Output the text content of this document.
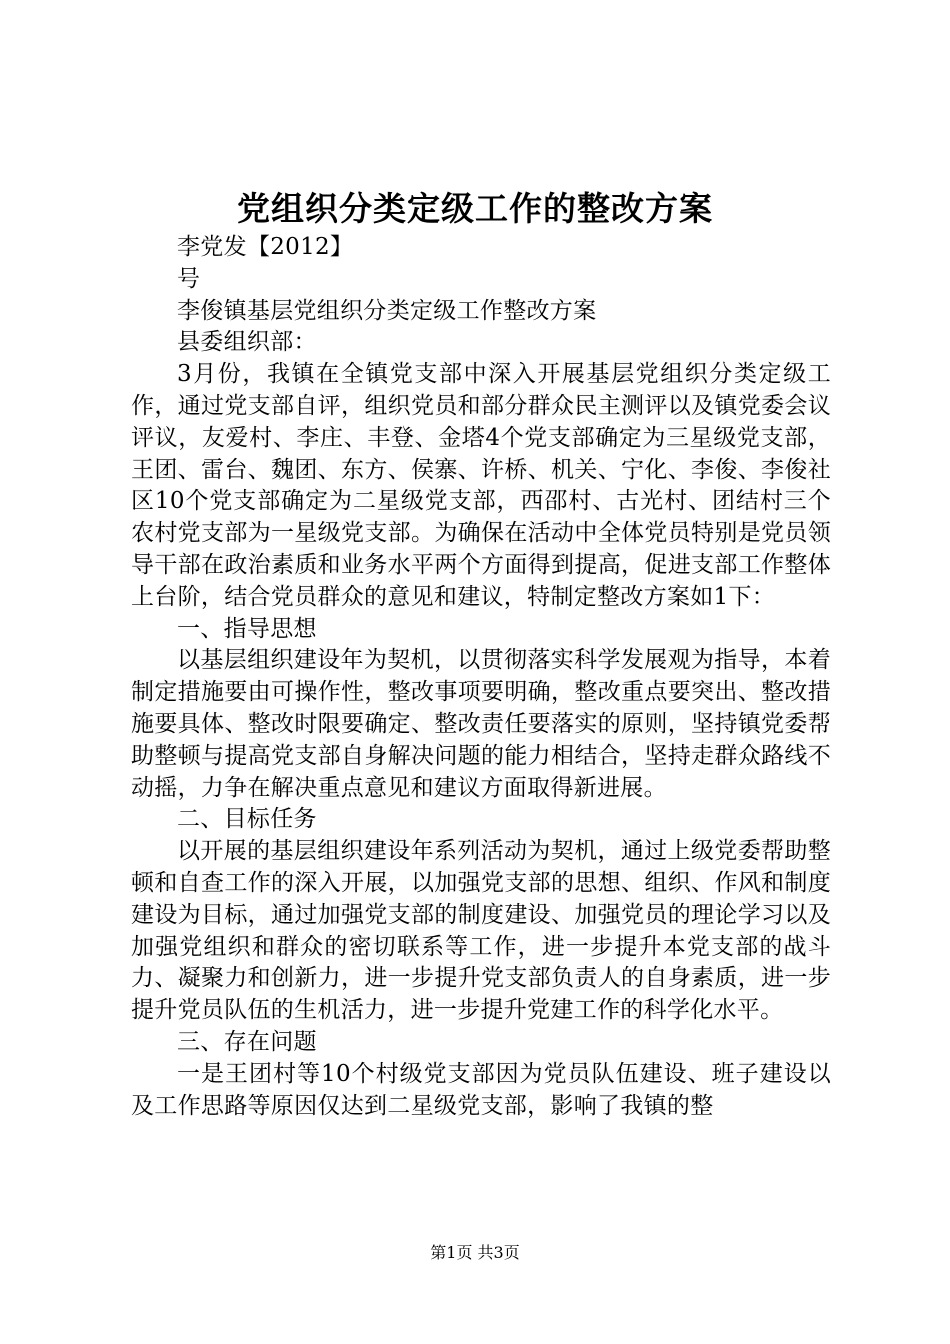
党组织分类定级工作的整改方案

李党发【2012】

号

李俊镇基层党组织分类定级工作整改方案

县委组织部：

3月份，我镇在全镇党支部中深入开展基层党组织分类定级工作，通过党支部自评，组织党员和部分群众民主测评以及镇党委会议评议，友爱村、李庄、丰登、金塔4个党支部确定为三星级党支部，王团、雷台、魏团、东方、侯寨、许桥、机关、宁化、李俊、李俊社区10个党支部确定为二星级党支部，西邵村、古光村、团结村三个农村党支部为一星级党支部。为确保在活动中全体党员特别是党员领导干部在政治素质和业务水平两个方面得到提高，促进支部工作整体上台阶，结合党员群众的意见和建议，特制定整改方案如1下：

一、指导思想

以基层组织建设年为契机，以贯彻落实科学发展观为指导，本着制定措施要由可操作性，整改事项要明确，整改重点要突出、整改措施要具体、整改时限要确定、整改责任要落实的原则，坚持镇党委帮助整顿与提高党支部自身解决问题的能力相结合，坚持走群众路线不动摇，力争在解决重点意见和建议方面取得新进展。

二、目标任务

以开展的基层组织建设年系列活动为契机，通过上级党委帮助整顿和自查工作的深入开展，以加强党支部的思想、组织、作风和制度建设为目标，通过加强党支部的制度建设、加强党员的理论学习以及加强党组织和群众的密切联系等工作，进一步提升本党支部的战斗力、凝聚力和创新力，进一步提升党支部负责人的自身素质，进一步提升党员队伍的生机活力，进一步提升党建工作的科学化水平。

三、存在问题

一是王团村等10个村级党支部因为党员队伍建设、班子建设以及工作思路等原因仅达到二星级党支部，影响了我镇的整

第1页 共3页
